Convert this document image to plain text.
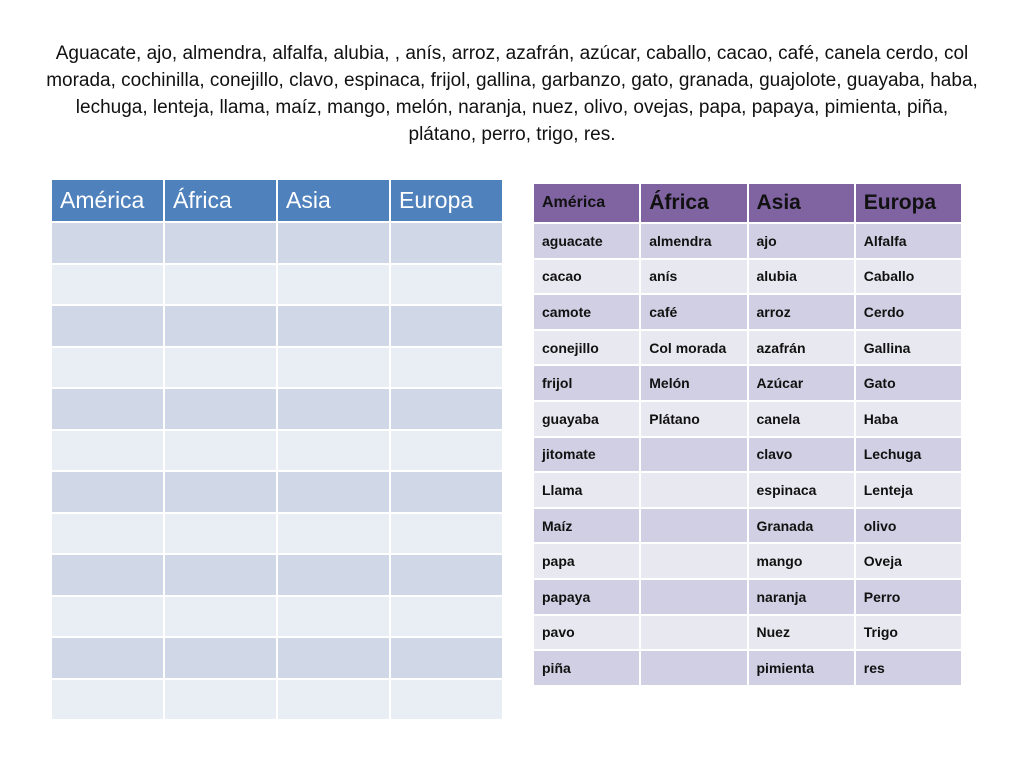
Aguacate, ajo, almendra, alfalfa, alubia, , anís, arroz, azafrán, azúcar, caballo, cacao, café, canela cerdo, col morada, cochinilla, conejillo, clavo, espinaca, frijol, gallina, garbanzo, gato, granada, guajolote, guayaba, haba, lechuga, lenteja, llama, maíz, mango, melón, naranja, nuez, olivo, ovejas, papa, papaya, pimienta, piña, plátano, perro, trigo, res.
América	África	Asia	Europa

				América	África	Asia	Europa
aguacate	almendra	ajo	Alfalfa
cacao	anís	alubia	Caballo
camote	café	arroz	Cerdo
conejillo	Col morada	azafrán	Gallina
frijol	Melón	Azúcar	Gato
guayaba	Plátano	canela	Haba
jitomate		clavo	Lechuga
Llama		espinaca	Lenteja
Maíz		Granada	olivo
papa		mango	Oveja
papaya		naranja	Perro
pavo		Nuez	Trigo
piña		pimienta	res
